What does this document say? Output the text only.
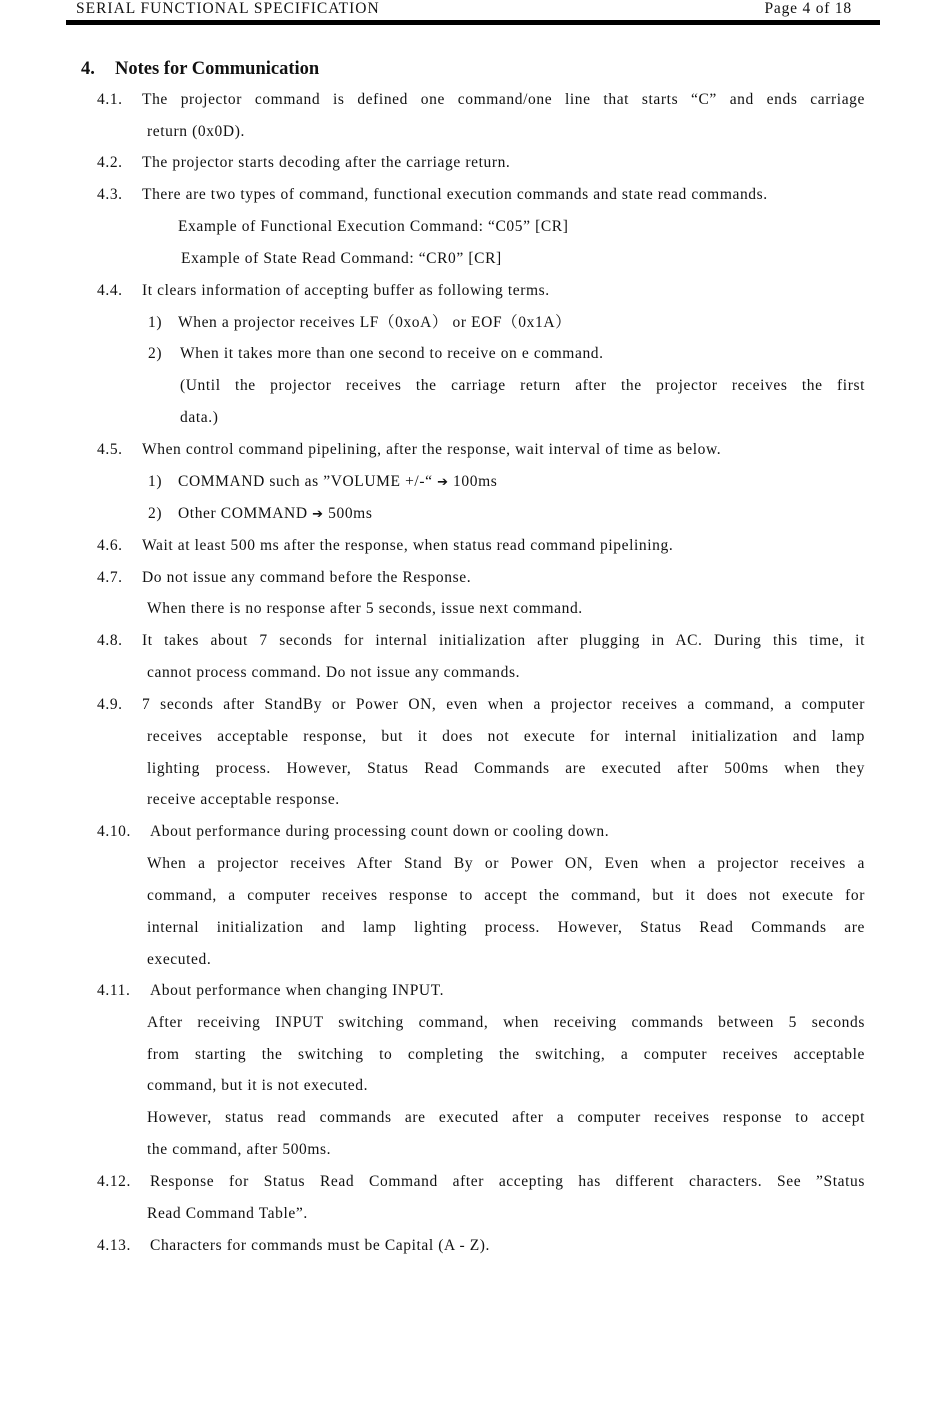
SERIAL FUNCTIONAL SPECIFICATION	Page 4 of 18
4. Notes for Communication
4.1. The projector command is defined one command/one line that starts “C” and ends carriage
return (0x0D).
4.2. The projector starts decoding after the carriage return.
4.3. There are two types of command, functional execution commands and state read commands.
Example of Functional Execution Command: “C05” [CR]
Example of State Read Command: “CR0” [CR]
4.4. It clears information of accepting buffer as following terms.
1) When a projector receives LF（0xoA） or EOF（0x1A）
2) When it takes more than one second to receive on e command.
(Until the projector receives the carriage return after the projector receives the first
data.)
4.5. When control command pipelining, after the response, wait interval of time as below.
1) COMMAND such as ”VOLUME +/-“ ➔ 100ms
2) Other COMMAND ➔ 500ms
4.6. Wait at least 500 ms after the response, when status read command pipelining.
4.7. Do not issue any command before the Response.
When there is no response after 5 seconds, issue next command.
4.8. It takes about 7 seconds for internal initialization after plugging in AC. During this time, it
cannot process command. Do not issue any commands.
4.9. 7 seconds after StandBy or Power ON, even when a projector receives a command, a computer
receives acceptable response, but it does not execute for internal initialization and lamp
lighting process. However, Status Read Commands are executed after 500ms when they
receive acceptable response.
4.10. About performance during processing count down or cooling down.
When a projector receives After Stand By or Power ON, Even when a projector receives a
command, a computer receives response to accept the command, but it does not execute for
internal initialization and lamp lighting process. However, Status Read Commands are
executed.
4.11. About performance when changing INPUT.
After receiving INPUT switching command, when receiving commands between 5 seconds
from starting the switching to completing the switching, a computer receives acceptable
command, but it is not executed.
However, status read commands are executed after a computer receives response to accept
the command, after 500ms.
4.12. Response for Status Read Command after accepting has different characters. See ”Status
Read Command Table”.
4.13. Characters for commands must be Capital (A - Z).
